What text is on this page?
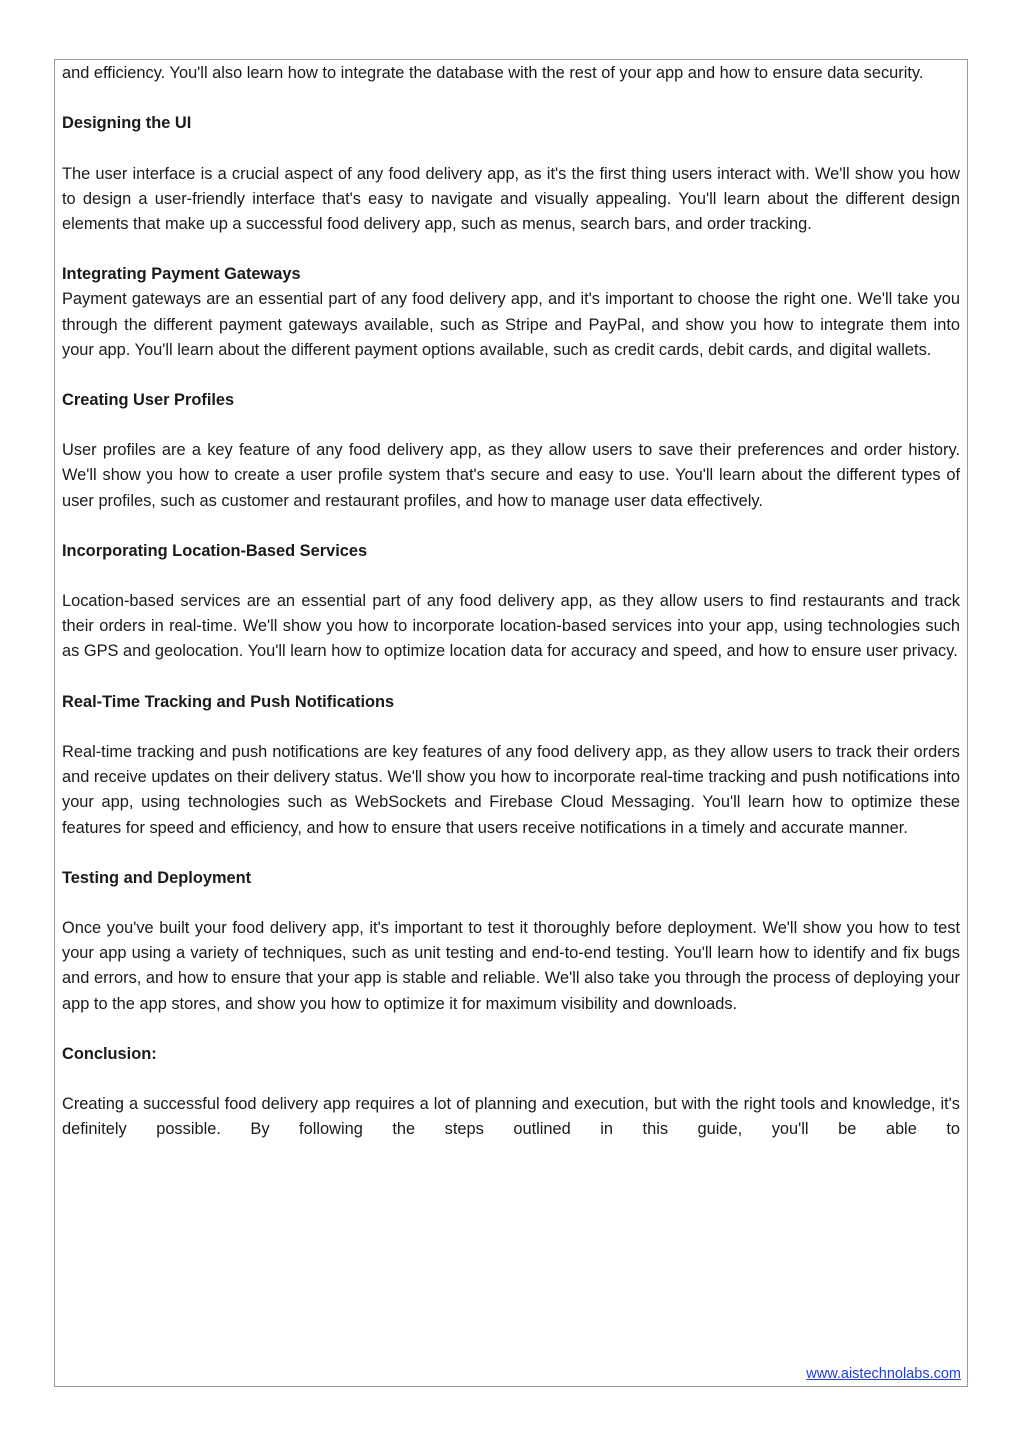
and efficiency. You'll also learn how to integrate the database with the rest of your app and how to ensure data security.

Designing the UI

The user interface is a crucial aspect of any food delivery app, as it's the first thing users interact with. We'll show you how to design a user-friendly interface that's easy to navigate and visually appealing. You'll learn about the different design elements that make up a successful food delivery app, such as menus, search bars, and order tracking.

Integrating Payment Gateways

Payment gateways are an essential part of any food delivery app, and it's important to choose the right one. We'll take you through the different payment gateways available, such as Stripe and PayPal, and show you how to integrate them into your app. You'll learn about the different payment options available, such as credit cards, debit cards, and digital wallets.

Creating User Profiles

User profiles are a key feature of any food delivery app, as they allow users to save their preferences and order history. We'll show you how to create a user profile system that's secure and easy to use. You'll learn about the different types of user profiles, such as customer and restaurant profiles, and how to manage user data effectively.

Incorporating Location-Based Services

Location-based services are an essential part of any food delivery app, as they allow users to find restaurants and track their orders in real-time. We'll show you how to incorporate location-based services into your app, using technologies such as GPS and geolocation. You'll learn how to optimize location data for accuracy and speed, and how to ensure user privacy.

Real-Time Tracking and Push Notifications

Real-time tracking and push notifications are key features of any food delivery app, as they allow users to track their orders and receive updates on their delivery status. We'll show you how to incorporate real-time tracking and push notifications into your app, using technologies such as WebSockets and Firebase Cloud Messaging. You'll learn how to optimize these features for speed and efficiency, and how to ensure that users receive notifications in a timely and accurate manner.

Testing and Deployment

Once you've built your food delivery app, it's important to test it thoroughly before deployment. We'll show you how to test your app using a variety of techniques, such as unit testing and end-to-end testing. You'll learn how to identify and fix bugs and errors, and how to ensure that your app is stable and reliable. We'll also take you through the process of deploying your app to the app stores, and show you how to optimize it for maximum visibility and downloads.

Conclusion:

Creating a successful food delivery app requires a lot of planning and execution, but with the right tools and knowledge, it's definitely possible. By following the steps outlined in this guide, you'll be able to

www.aistechnolabs.com
